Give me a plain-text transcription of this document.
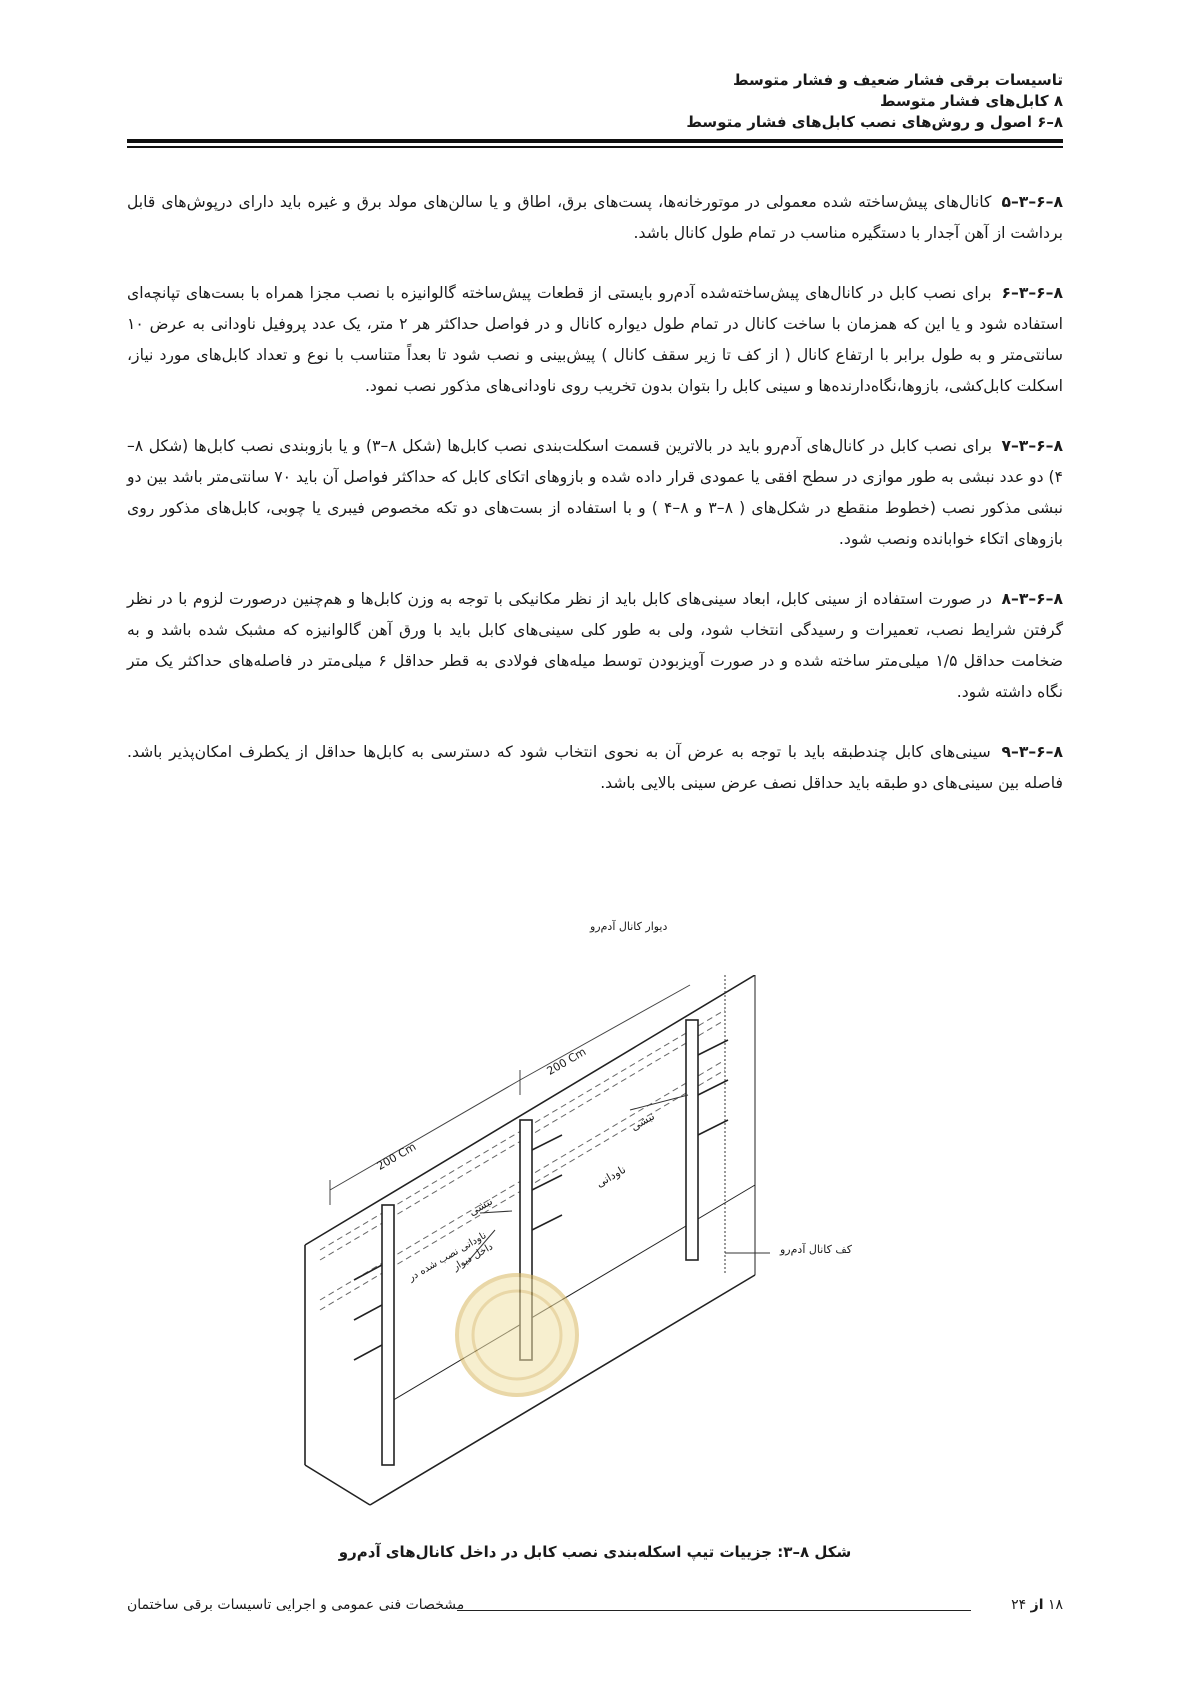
تاسیسات برقی فشار ضعیف و فشار متوسط
۸ کابل‌های فشار متوسط
۸–۶ اصول و روش‌های نصب کابل‌های فشار متوسط

۸–۶–۳–۵ کانال‌های پیش‌ساخته شده معمولی در موتورخانه‌ها، پست‌های برق، اطاق و یا سالن‌های مولد برق و غیره باید دارای درپوش‌های قابل برداشت از آهن آجدار با دستگیره مناسب در تمام طول کانال باشد.

۸–۶–۳–۶ برای نصب کابل در کانال‌های پیش‌ساخته‌شده آدم‌رو بایستی از قطعات پیش‌ساخته گالوانیزه با نصب مجزا همراه با بست‌های تپانچه‌ای استفاده شود و یا این که همزمان با ساخت کانال در تمام طول دیواره کانال و در فواصل حداکثر هر ۲ متر، یک عدد پروفیل ناودانی به عرض ۱۰ سانتی‌متر و به طول برابر با ارتفاع کانال ( از کف تا زیر سقف کانال ) پیش‌بینی و نصب شود تا بعداً متناسب با نوع و تعداد کابل‌های مورد نیاز، اسکلت کابل‌کشی، بازوها،نگاه‌دارنده‌ها و سینی کابل را بتوان بدون تخریب روی ناودانی‌های مذکور نصب نمود.

۸–۶–۳–۷ برای نصب کابل در کانال‌های آدم‌رو باید در بالاترین قسمت اسکلت‌بندی نصب کابل‌ها (شکل ۸–۳) و یا بازوبندی نصب کابل‌ها (شکل ۸–۴) دو عدد نبشی به طور موازی در سطح افقی یا عمودی قرار داده شده و بازوهای اتکای کابل که حداکثر فواصل آن باید ۷۰ سانتی‌متر باشد بین دو نبشی مذکور نصب (خطوط منقطع در شکل‌های ( ۸–۳ و ۸–۴ ) و با استفاده از بست‌های دو تکه مخصوص فیبری یا چوبی، کابل‌های مذکور روی بازوهای اتکاء خوابانده ونصب شود.

۸–۶–۳–۸ در صورت استفاده از سینی کابل، ابعاد سینی‌های کابل باید از نظر مکانیکی با توجه به وزن کابل‌ها و هم‌چنین درصورت لزوم با در نظر گرفتن شرایط نصب، تعمیرات و رسیدگی انتخاب شود، ولی به طور کلی سینی‌های کابل باید با ورق آهن گالوانیزه که مشبک شده باشد و به ضخامت حداقل ۱/۵ میلی‌متر ساخته شده و در صورت آویزبودن توسط میله‌های فولادی به قطر حداقل ۶ میلی‌متر در فاصله‌های حداکثر یک متر نگاه داشته شود.

۸–۶–۳–۹ سینی‌های کابل چندطبقه باید با توجه به عرض آن به نحوی انتخاب شود که دسترسی به کابل‌ها حداقل از یکطرف امکان‌پذیر باشد. فاصله بین سینی‌های دو طبقه باید حداقل نصف عرض سینی بالایی باشد.

دیوار کانال آدم‌رو
کف کانال آدم‌رو
200 Cm
200 Cm
نبشی
نبشی
ناودانی
ناودانی نصب شده در داخل دیوار
شکل ۸–۳: جزییات تیپ اسکله‌بندی نصب کابل در داخل کانال‌های آدم‌رو
۱۸ از ۲۴
مشخصات فنی عمومی و اجرایی تاسیسات برقی ساختمان
